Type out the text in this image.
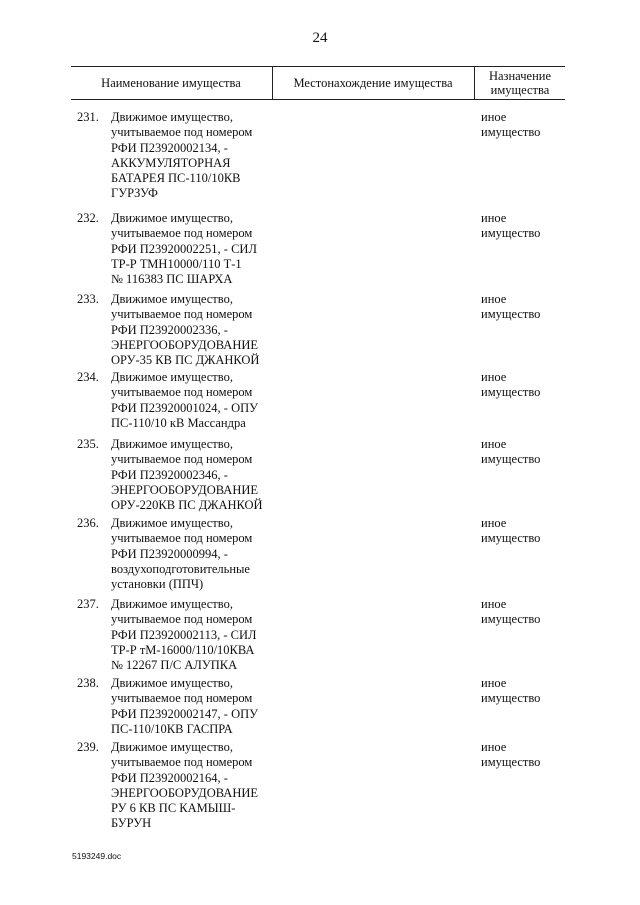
24
Наименование имущества	Местонахождение имущества	Назначение
имущества
231. Движимое имущество,
учитываемое под номером
РФИ П23920002134, -
АККУМУЛЯТОРНАЯ
БАТАРЕЯ ПС-110/10КВ
ГУРЗУФ
иное
имущество
232. Движимое имущество,
учитываемое под номером
РФИ П23920002251, - СИЛ
ТР-Р ТМН10000/110 Т-1
№ 116383 ПС ШАРХА
иное
имущество
233. Движимое имущество,
учитываемое под номером
РФИ П23920002336, -
ЭНЕРГООБОРУДОВАНИЕ
ОРУ-35 КВ ПС ДЖАНКОЙ
иное
имущество
234. Движимое имущество,
учитываемое под номером
РФИ П23920001024, - ОПУ
ПС-110/10 кВ Массандра
иное
имущество
235. Движимое имущество,
учитываемое под номером
РФИ П23920002346, -
ЭНЕРГООБОРУДОВАНИЕ
ОРУ-220КВ ПС ДЖАНКОЙ
иное
имущество
236. Движимое имущество,
учитываемое под номером
РФИ П23920000994, -
воздухоподготовительные
установки (ППЧ)
иное
имущество
237. Движимое имущество,
учитываемое под номером
РФИ П23920002113, - СИЛ
ТР-Р тМ-16000/110/10КВА
№ 12267 П/С АЛУПКА
иное
имущество
238. Движимое имущество,
учитываемое под номером
РФИ П23920002147, - ОПУ
ПС-110/10КВ ГАСПРА
иное
имущество
239. Движимое имущество,
учитываемое под номером
РФИ П23920002164, -
ЭНЕРГООБОРУДОВАНИЕ
РУ 6 КВ ПС КАМЫШ-
БУРУН
иное
имущество
5193249.doc
